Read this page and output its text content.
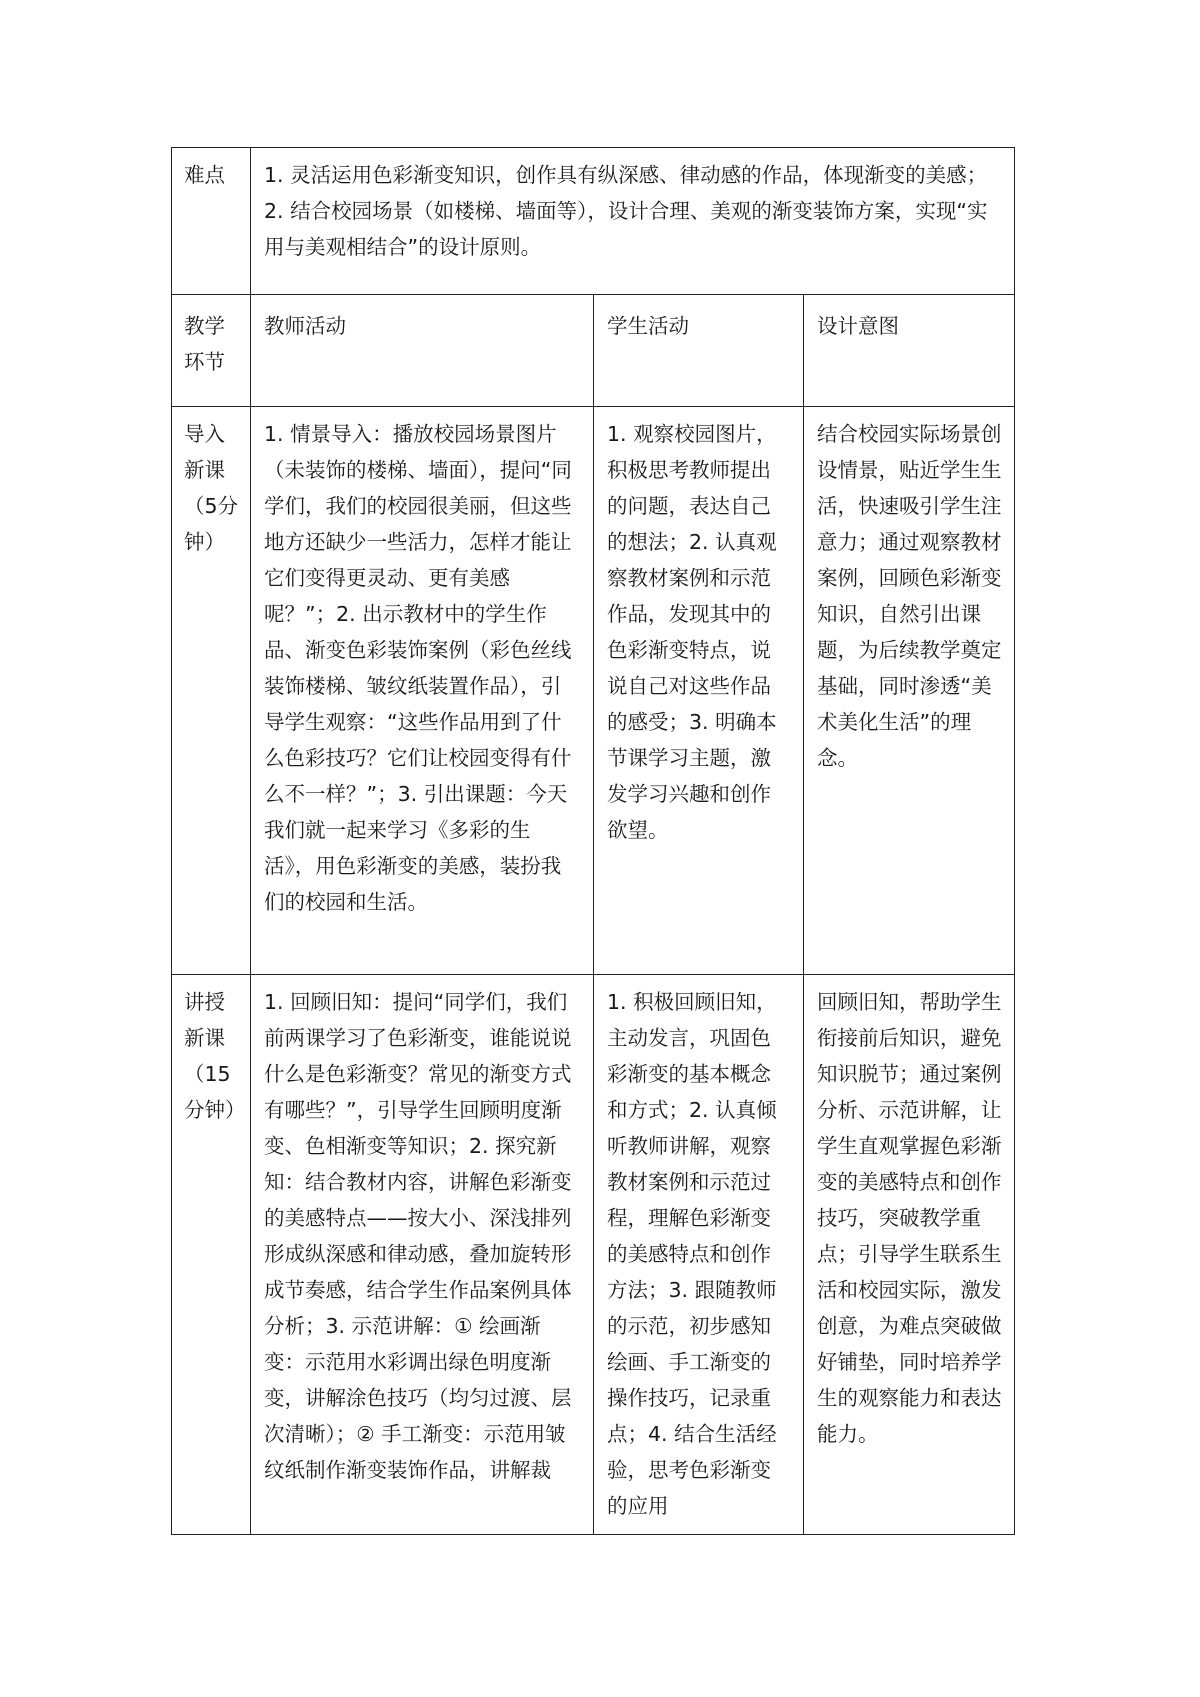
难点	1. 灵活运用色彩渐变知识，创作具有纵深感、律动感的作品，体现渐变的美感；2. 结合校园场景（如楼梯、墙面等），设计合理、美观的渐变装饰方案，实现“实用与美观相结合”的设计原则。		

教学环节	教师活动	学生活动	设计意图

导入新课（5分钟）	1. 情景导入：播放校园场景图片（未装饰的楼梯、墙面），提问“同学们，我们的校园很美丽，但这些地方还缺少一些活力，怎样才能让它们变得更灵动、更有美感呢？”；2. 出示教材中的学生作品、渐变色彩装饰案例（彩色丝线装饰楼梯、皱纹纸装置作品），引导学生观察：“这些作品用到了什么色彩技巧？它们让校园变得有什么不一样？”；3. 引出课题：今天我们就一起来学习《多彩的生活》，用色彩渐变的美感，装扮我们的校园和生活。	1. 观察校园图片，积极思考教师提出的问题，表达自己的想法；2. 认真观察教材案例和示范作品，发现其中的色彩渐变特点，说说自己对这些作品的感受；3. 明确本节课学习主题，激发学习兴趣和创作欲望。	结合校园实际场景创设情景，贴近学生生活，快速吸引学生注意力；通过观察教材案例，回顾色彩渐变知识，自然引出课题，为后续教学奠定基础，同时渗透“美术美化生活”的理念。

讲授新课（15分钟）	1. 回顾旧知：提问“同学们，我们前两课学习了色彩渐变，谁能说说什么是色彩渐变？常见的渐变方式有哪些？”，引导学生回顾明度渐变、色相渐变等知识；2. 探究新知：结合教材内容，讲解色彩渐变的美感特点——按大小、深浅排列形成纵深感和律动感，叠加旋转形成节奏感，结合学生作品案例具体分析；3. 示范讲解：① 绘画渐变：示范用水彩调出绿色明度渐变，讲解涂色技巧（均匀过渡、层次清晰）；② 手工渐变：示范用皱纹纸制作渐变装饰作品，讲解裁	1. 积极回顾旧知，主动发言，巩固色彩渐变的基本概念和方式；2. 认真倾听教师讲解，观察教材案例和示范过程，理解色彩渐变的美感特点和创作方法；3. 跟随教师的示范，初步感知绘画、手工渐变的操作技巧，记录重点；4. 结合生活经验，思考色彩渐变的应用	回顾旧知，帮助学生衔接前后知识，避免知识脱节；通过案例分析、示范讲解，让学生直观掌握色彩渐变的美感特点和创作技巧，突破教学重点；引导学生联系生活和校园实际，激发创意，为难点突破做好铺垫，同时培养学生的观察能力和表达能力。
